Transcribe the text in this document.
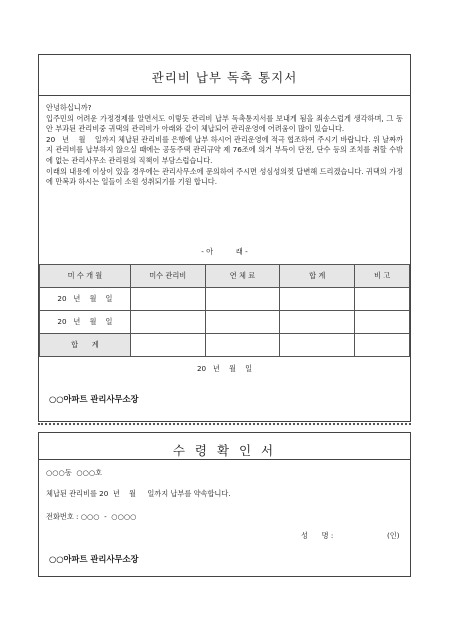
관리비 납부 독촉 통지서

안녕하십니까?

입주민의 어려운 가정경제를 알면서도 이렇듯 관리비 납부 독촉통지서를 보내게 됨을 죄송스럽게 생각하며, 그 동안 부과된 관리비중 귀댁의 관리비가 아래와 같이 체납되어 관리운영에 어려움이 많이 있습니다.

20   년    월    일까지 체납된 관리비를 은행에 납부 하시어 관리운영에 적극 협조하여 주시기 바랍니다. 위 날짜까지 관리비를 납부하지 않으실 때에는 공동주택 관리규약 제 76조에 의거 부득이 단전, 단수 등의 조치를 취할 수밖에 없는 관리사무소 관리원의 직책이 부담스럽습니다.

이래의 내용에 이상이 있을 경우에는 관리사무소에 문의하여 주시면 성심성의껏 답변해 드리겠습니다. 귀댁의 가정에 만복과 하시는 일들이 소원 성취되기를 기원 합니다.

- 아          래 -
미 수 개 월	미수 관리비	연 체 료	합 계	비 고
20   년    월    일				
20   년    월    일				
합      계				
20   년    월    일
○○아파트 관리사무소장
수 령 확 인 서
○○○동  ○○○호
체납된 관리비를 20  년    월     일까지 납부를 약속합니다.
전화번호 : ○○○  -  ○○○○
성      명 :	(인)
○○아파트 관리사무소장
